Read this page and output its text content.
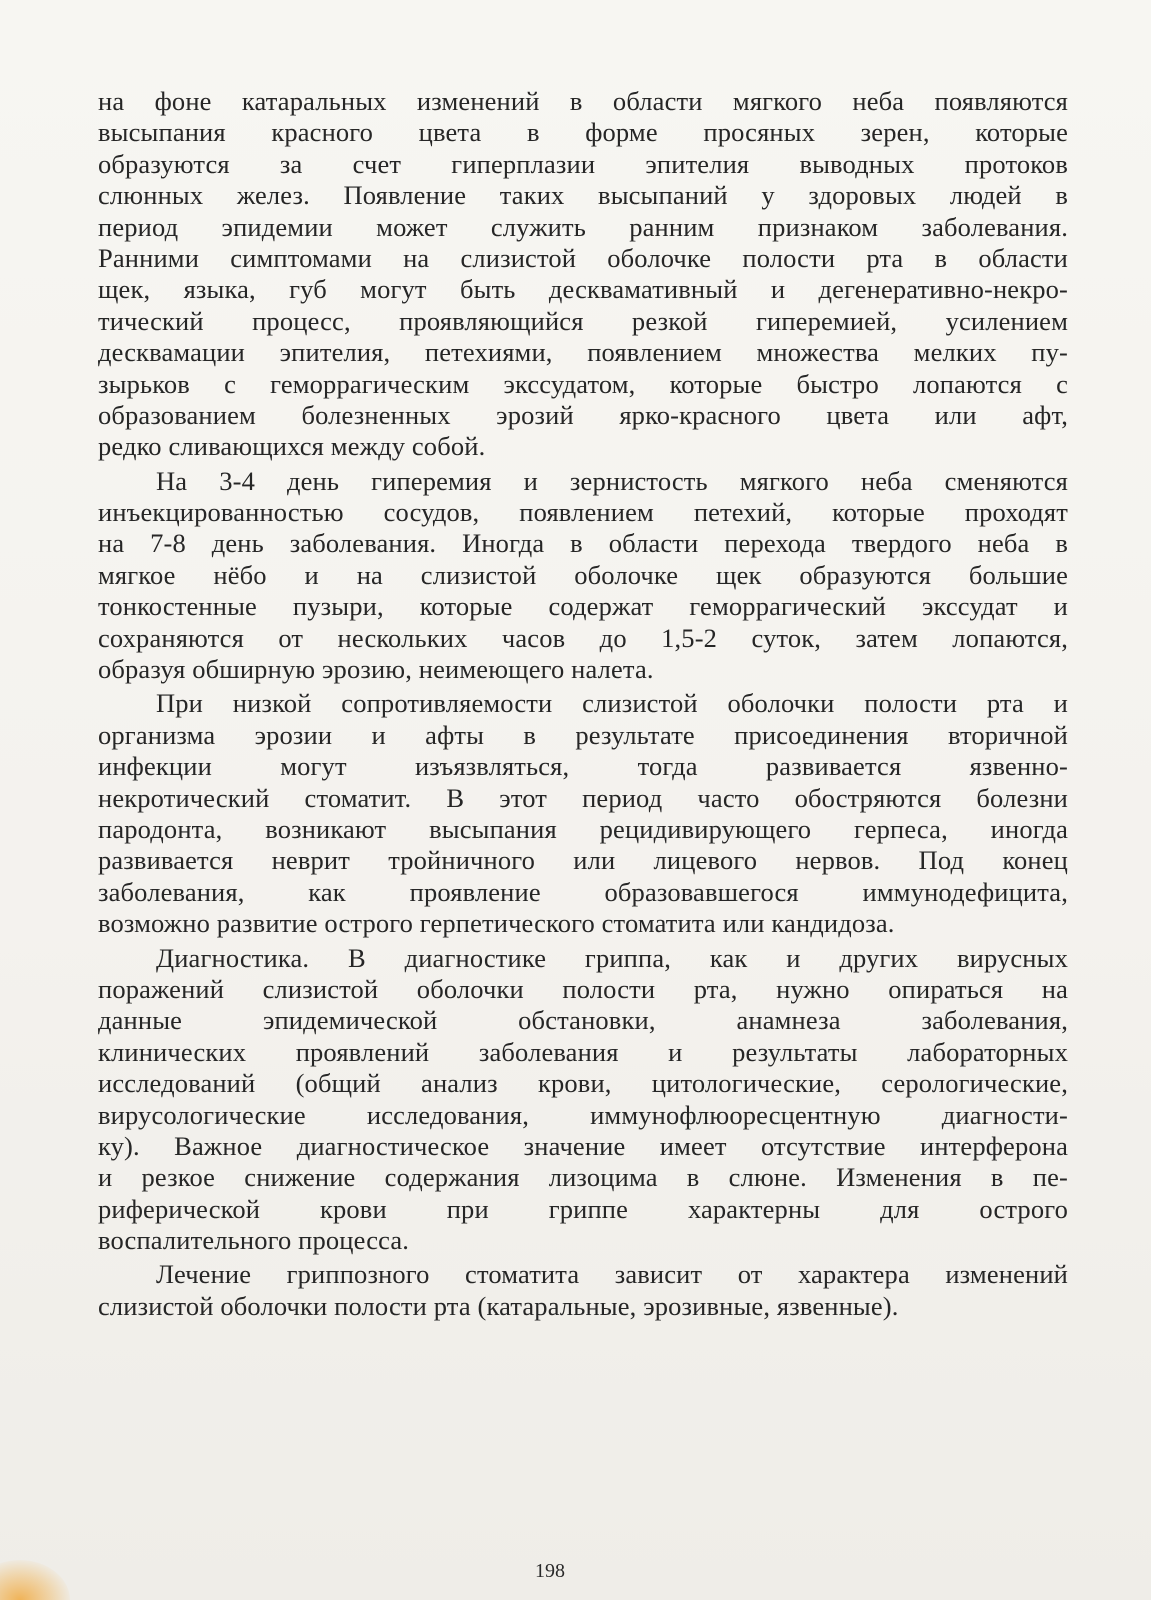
на фоне катаральных изменений в области мягкого неба появляются
высыпания красного цвета в форме просяных зерен, которые
образуются за счет гиперплазии эпителия выводных протоков
слюнных желез. Появление таких высыпаний у здоровых людей в
период эпидемии может служить ранним признаком заболевания.
Ранними симптомами на слизистой оболочке полости рта в области
щек, языка, губ могут быть десквамативный и дегенеративно-некро-
тический процесс, проявляющийся резкой гиперемией, усилением
десквамации эпителия, петехиями, появлением множества мелких пу-
зырьков с геморрагическим экссудатом, которые быстро лопаются с
образованием болезненных эрозий ярко-красного цвета или афт,
редко сливающихся между собой.
На 3-4 день гиперемия и зернистость мягкого неба сменяются
инъекцированностью сосудов, появлением петехий, которые проходят
на 7-8 день заболевания. Иногда в области перехода твердого неба в
мягкое нёбо и на слизистой оболочке щек образуются большие
тонкостенные пузыри, которые содержат геморрагический экссудат и
сохраняются от нескольких часов до 1,5-2 суток, затем лопаются,
образуя обширную эрозию, неимеющего налета.
При низкой сопротивляемости слизистой оболочки полости рта и
организма эрозии и афты в результате присоединения вторичной
инфекции могут изъязвляться, тогда развивается язвенно-
некротический стоматит. В этот период часто обостряются болезни
пародонта, возникают высыпания рецидивирующего герпеса, иногда
развивается неврит тройничного или лицевого нервов. Под конец
заболевания, как проявление образовавшегося иммунодефицита,
возможно развитие острого герпетического стоматита или кандидоза.
Диагностика. В диагностике гриппа, как и других вирусных
поражений слизистой оболочки полости рта, нужно опираться на
данные эпидемической обстановки, анамнеза заболевания,
клинических проявлений заболевания и результаты лабораторных
исследований (общий анализ крови, цитологические, серологические,
вирусологические исследования, иммунофлюоресцентную диагности-
ку). Важное диагностическое значение имеет отсутствие интерферона
и резкое снижение содержания лизоцима в слюне. Изменения в пе-
риферической крови при гриппе характерны для острого
воспалительного процесса.
Лечение гриппозного стоматита зависит от характера изменений
слизистой оболочки полости рта (катаральные, эрозивные, язвенные).
198
